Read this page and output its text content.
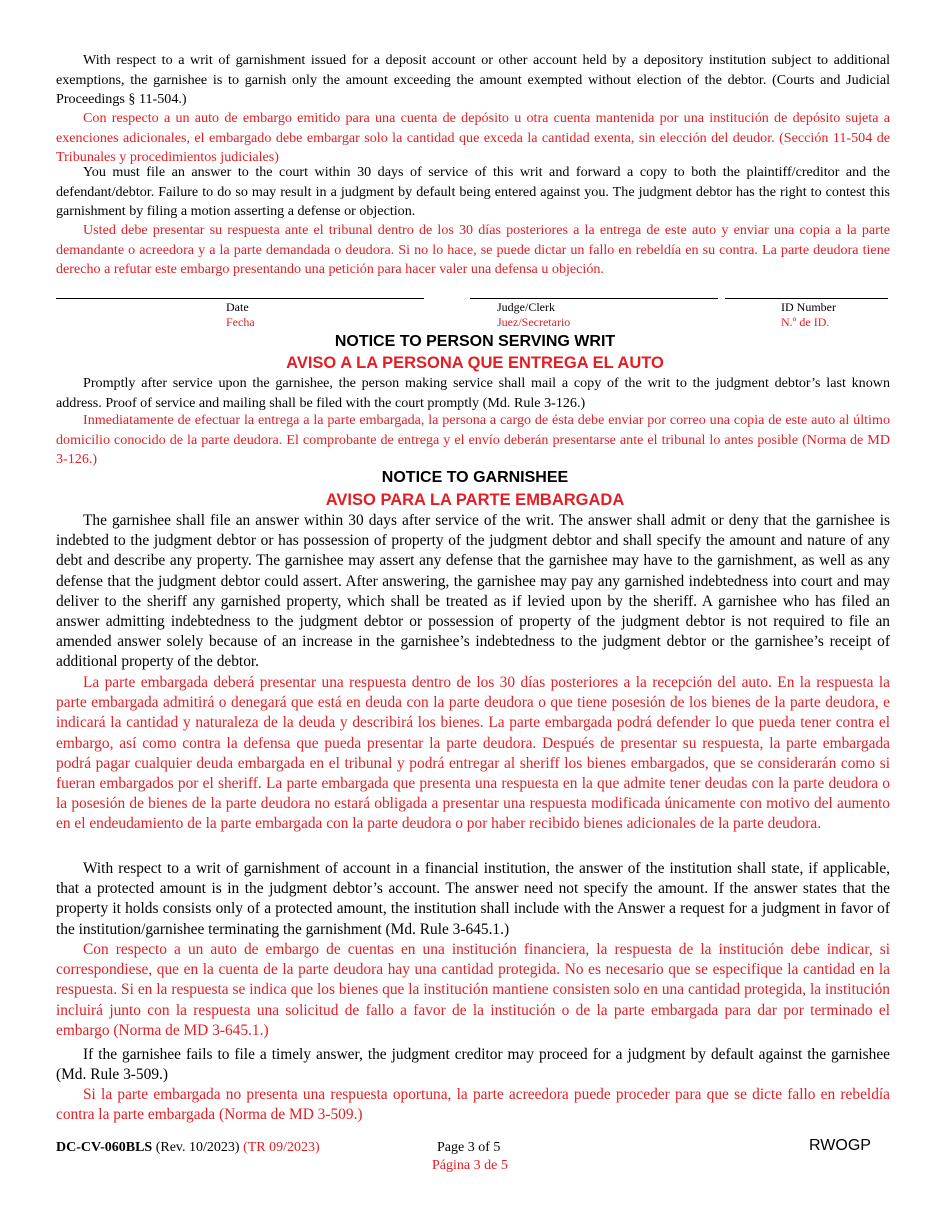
With respect to a writ of garnishment issued for a deposit account or other account held by a depository institution subject to additional exemptions, the garnishee is to garnish only the amount exceeding the amount exempted without election of the debtor. (Courts and Judicial Proceedings § 11-504.)

Con respecto a un auto de embargo emitido para una cuenta de depósito u otra cuenta mantenida por una institución de depósito sujeta a exenciones adicionales, el embargado debe embargar solo la cantidad que exceda la cantidad exenta, sin elección del deudor. (Sección 11-504 de Tribunales y procedimientos judiciales)

You must file an answer to the court within 30 days of service of this writ and forward a copy to both the plaintiff/creditor and the defendant/debtor. Failure to do so may result in a judgment by default being entered against you. The judgment debtor has the right to contest this garnishment by filing a motion asserting a defense or objection.

Usted debe presentar su respuesta ante el tribunal dentro de los 30 días posteriores a la entrega de este auto y enviar una copia a la parte demandante o acreedora y a la parte demandada o deudora. Si no lo hace, se puede dictar un fallo en rebeldía en su contra. La parte deudora tiene derecho a refutar este embargo presentando una petición para hacer valer una defensa u objeción.

Date

Fecha

Judge/Clerk

Juez/Secretario

ID Number

N.º de ID.

NOTICE TO PERSON SERVING WRIT

AVISO A LA PERSONA QUE ENTREGA EL AUTO

Promptly after service upon the garnishee, the person making service shall mail a copy of the writ to the judgment debtor’s last known address. Proof of service and mailing shall be filed with the court promptly (Md. Rule 3-126.)

Inmediatamente de efectuar la entrega a la parte embargada, la persona a cargo de ésta debe enviar por correo una copia de este auto al último domicilio conocido de la parte deudora. El comprobante de entrega y el envío deberán presentarse ante el tribunal lo antes posible (Norma de MD 3-126.)

NOTICE TO GARNISHEE

AVISO PARA LA PARTE EMBARGADA

The garnishee shall file an answer within 30 days after service of the writ. The answer shall admit or deny that the garnishee is indebted to the judgment debtor or has possession of property of the judgment debtor and shall specify the amount and nature of any debt and describe any property. The garnishee may assert any defense that the garnishee may have to the garnishment, as well as any defense that the judgment debtor could assert. After answering, the garnishee may pay any garnished indebtedness into court and may deliver to the sheriff any garnished property, which shall be treated as if levied upon by the sheriff. A garnishee who has filed an answer admitting indebtedness to the judgment debtor or possession of property of the judgment debtor is not required to file an amended answer solely because of an increase in the garnishee’s indebtedness to the judgment debtor or the garnishee’s receipt of additional property of the debtor.

La parte embargada deberá presentar una respuesta dentro de los 30 días posteriores a la recepción del auto. En la respuesta la parte embargada admitirá o denegará que está en deuda con la parte deudora o que tiene posesión de los bienes de la parte deudora, e indicará la cantidad y naturaleza de la deuda y describirá los bienes. La parte embargada podrá defender lo que pueda tener contra el embargo, así como contra la defensa que pueda presentar la parte deudora. Después de presentar su respuesta, la parte embargada podrá pagar cualquier deuda embargada en el tribunal y podrá entregar al sheriff los bienes embargados, que se considerarán como si fueran embargados por el sheriff. La parte embargada que presenta una respuesta en la que admite tener deudas con la parte deudora o la posesión de bienes de la parte deudora no estará obligada a presentar una respuesta modificada únicamente con motivo del aumento en el endeudamiento de la parte embargada con la parte deudora o por haber recibido bienes adicionales de la parte deudora.

With respect to a writ of garnishment of account in a financial institution, the answer of the institution shall state, if applicable, that a protected amount is in the judgment debtor’s account. The answer need not specify the amount. If the answer states that the property it holds consists only of a protected amount, the institution shall include with the Answer a request for a judgment in favor of the institution/garnishee terminating the garnishment (Md. Rule 3-645.1.)

Con respecto a un auto de embargo de cuentas en una institución financiera, la respuesta de la institución debe indicar, si correspondiese, que en la cuenta de la parte deudora hay una cantidad protegida. No es necesario que se especifique la cantidad en la respuesta. Si en la respuesta se indica que los bienes que la institución mantiene consisten solo en una cantidad protegida, la institución incluirá junto con la respuesta una solicitud de fallo a favor de la institución o de la parte embargada para dar por terminado el embargo (Norma de MD 3-645.1.)

If the garnishee fails to file a timely answer, the judgment creditor may proceed for a judgment by default against the garnishee (Md. Rule 3-509.)

Si la parte embargada no presenta una respuesta oportuna, la parte acreedora puede proceder para que se dicte fallo en rebeldía contra la parte embargada (Norma de MD 3-509.)

DC-CV-060BLS (Rev. 10/2023) (TR 09/2023)	Page 3 of 5

Página 3 de 5

RWOGP
